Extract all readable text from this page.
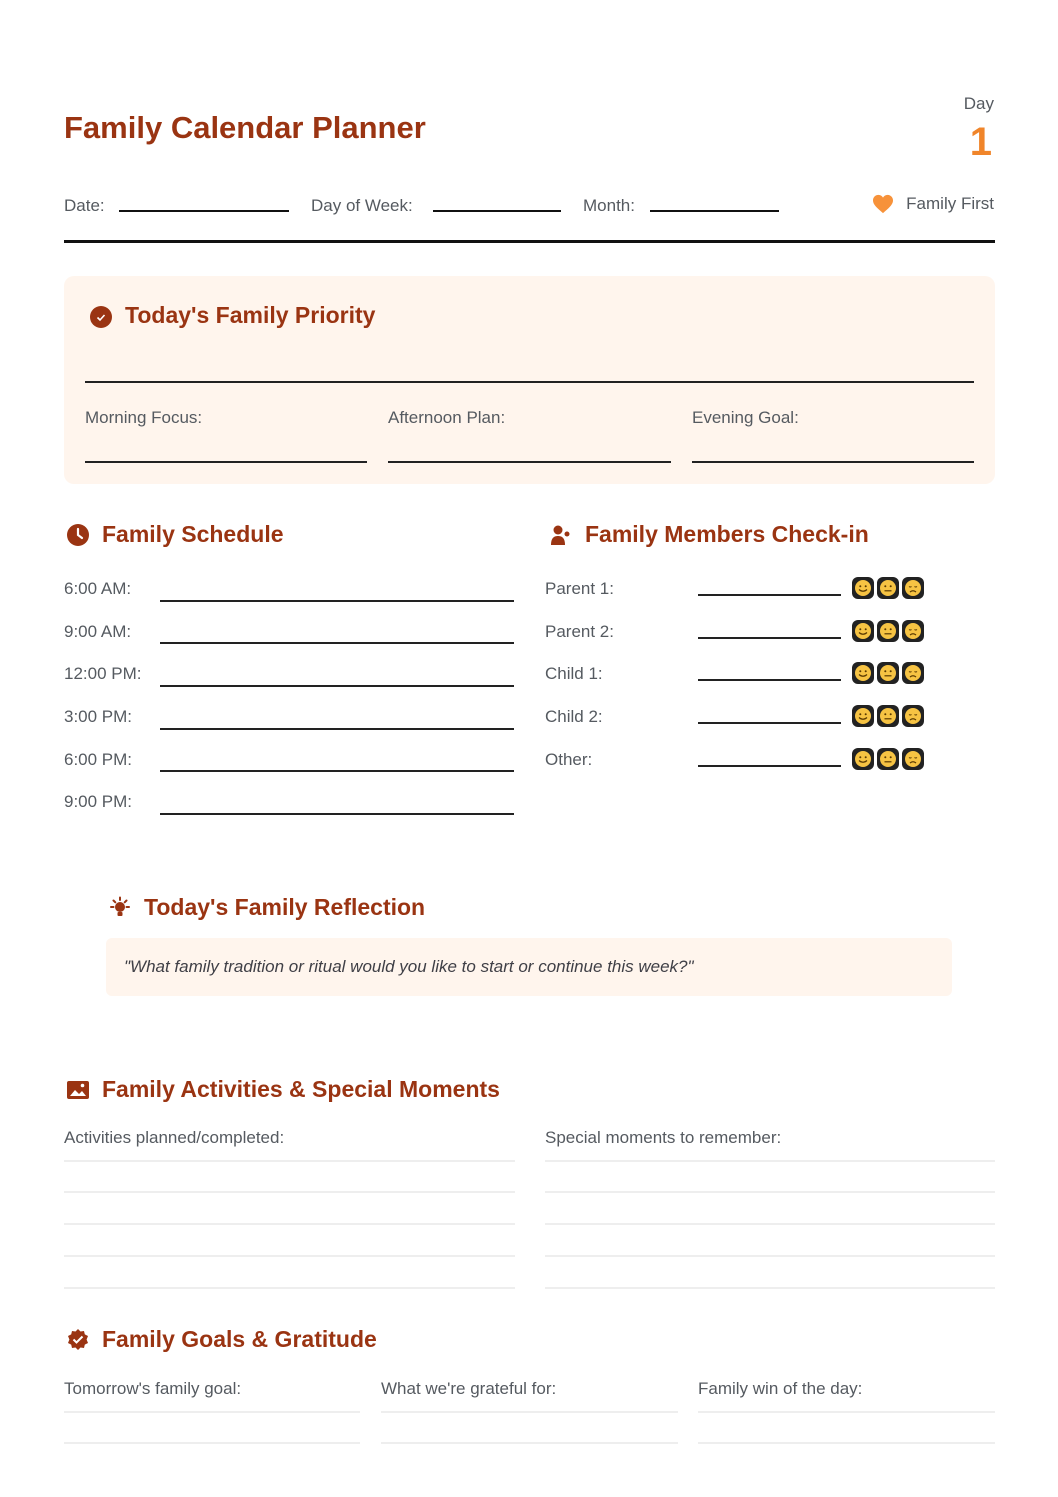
Family Calendar Planner
Day
1
Date:	Day of Week:	Month:	Family First
Today's Family Priority
Morning Focus:	Afternoon Plan:	Evening Goal:
Family Schedule
6:00 AM:
9:00 AM:
12:00 PM:
3:00 PM:
6:00 PM:
9:00 PM:
Family Members Check-in
Parent 1:
Parent 2:
Child 1:
Child 2:
Other:
Today's Family Reflection
"What family tradition or ritual would you like to start or continue this week?"
Family Activities & Special Moments
Activities planned/completed:	Special moments to remember:
Family Goals & Gratitude
Tomorrow's family goal:	What we're grateful for:	Family win of the day:
